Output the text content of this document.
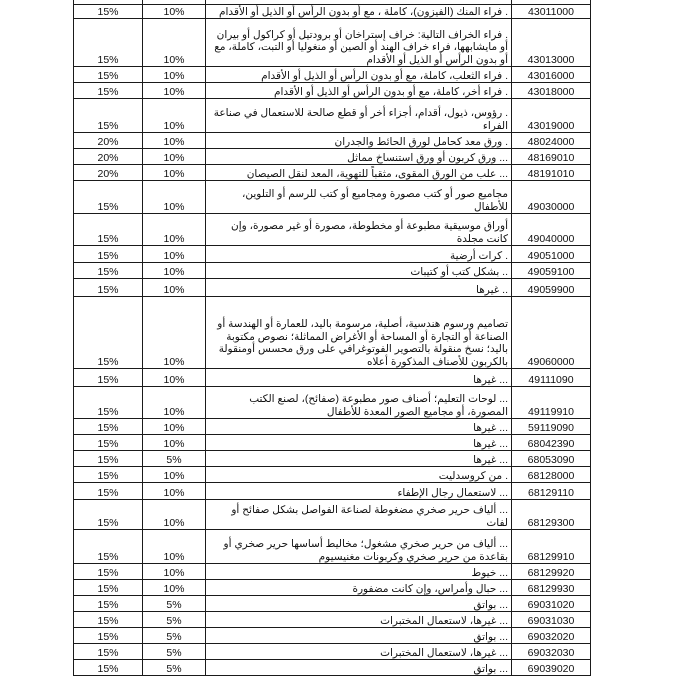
15%	10%	. فراء المنك (الفيزون)، كاملة ، مع أو بدون الرأس أو الذيل أو الأقدام	43011000
15%	10%	. فراء الخراف التالية: خراف إستراخان أو برودتيل أو كراكول أو بيران أو مايشابهها، فراء خراف الهند أو الصين أو منغوليا أو التبت، كاملة، مع أو بدون الرأس أو الذيل أو الأقدام	43013000
15%	10%	. فراء الثعلب، كاملة، مع أو بدون الرأس أو الذيل أو الأقدام	43016000
15%	10%	. فراء أخر، كاملة، مع أو بدون الرأس أو الذيل أو الأقدام	43018000
15%	10%	. رؤوس، ذيول، أقدام، أجزاء أخر أو قطع صالحة للاستعمال في صناعة الفراء	43019000
20%	10%	. ورق معد كحامل لورق الحائط والجدران	48024000
20%	10%	... ورق كربون أو ورق استنساخ مماثل	48169010
20%	10%	... علب من الورق المقوى، مثقباً للتهوية، المعد لنقل الصيصان	48191010
15%	10%	مجاميع صور أو كتب مصورة ومجاميع أو كتب للرسم أو التلوين، للأطفال	49030000
15%	10%	أوراق موسيقية مطبوعة أو مخطوطة، مصورة أو غير مصورة، وإن كانت مجلدة	49040000
15%	10%	. كرات أرضية	49051000
15%	10%	.. بشكل كتب أو كتيبات	49059100
15%	10%	.. غيرها	49059900
15%	10%	تصاميم ورسوم هندسية، أصلية، مرسومة باليد، للعمارة أو الهندسة أو الصناعة أو التجارة أو المساحة أو الأغراض المماثلة؛ نصوص مكتوبة باليد؛ نسخ منقولة بالتصوير الفوتوغرافي على ورق محسس أومنقولة بالكربون للأصناف المذكورة أعلاه	49060000
15%	10%	... غيرها	49111090
15%	10%	... لوحات التعليم؛ أصناف صور مطبوعة (صفائح)، لصنع الكتب المصورة، أو مجاميع الصور المعدة للأطفال	49119910
15%	10%	... غيرها	59119090
15%	10%	... غيرها	68042390
15%	5%	... غيرها	68053090
15%	10%	. من كروسدليت	68128000
15%	10%	... لاستعمال رجال الإطفاء	68129110
15%	10%	... ألياف حرير صخري مضغوطة لصناعة الفواصل بشكل صفائح أو لفات	68129300
15%	10%	... ألياف من حرير صخري مشغول؛ مخاليط أساسها حرير صخري أو بقاعدة من حرير صخري وكربونات مغنيسيوم	68129910
15%	10%	... خيوط	68129920
15%	10%	... حبال وأمراس، وإن كانت مضفورة	68129930
15%	5%	... بواتق	69031020
15%	5%	... غيرها، لاستعمال المختبرات	69031030
15%	5%	... بواتق	69032020
15%	5%	... غيرها، لاستعمال المختبرات	69032030
15%	5%	... بواتق	69039020
